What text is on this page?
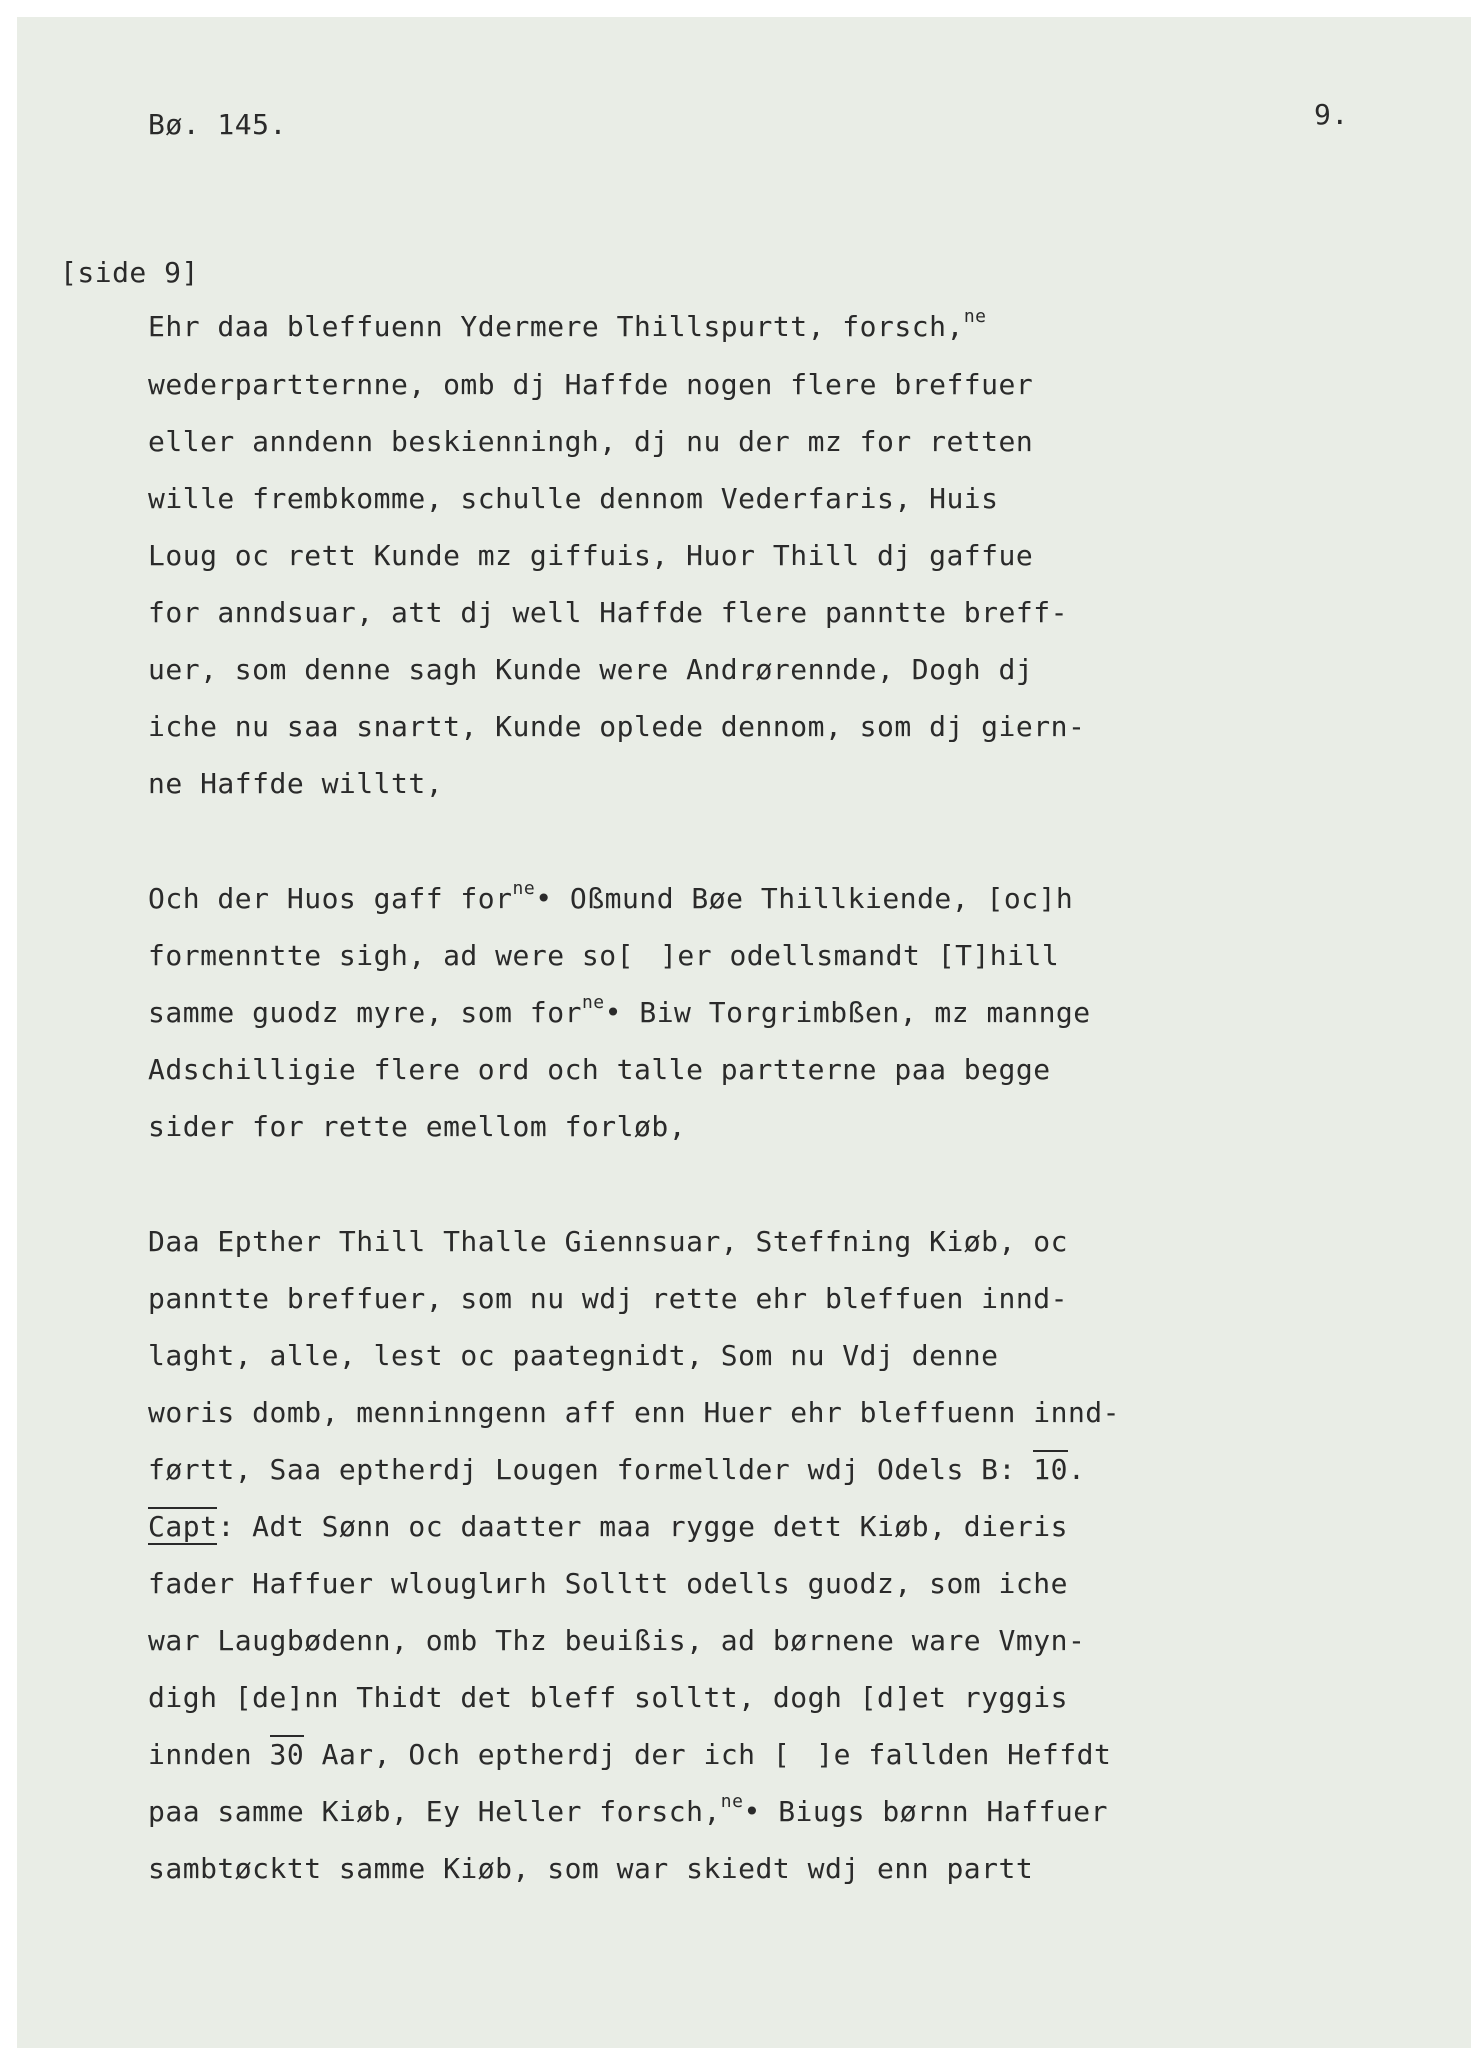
Bø. 145.	9.
[side 9]
Ehr daa bleffuenn Ydermere Thillspurtt, forsch,$^{ne}$
wederpartternne, omb dj Haffde nogen flere breffuer
eller anndenn beskienningh, dj nu der mz for retten
wille frembkomme, schulle dennom Vederfaris, Huis
Loug oc rett Kunde mz giffuis, Huor Thill dj gaffue
for anndsuar, att dj well Haffde flere panntte breff-
uer, som denne sagh Kunde were Andrørennde, Dogh dj
iche nu saa snartt, Kunde oplede dennom, som dj giern-
ne Haffde willtt,
Och der Huos gaff for$^{ne}$• Oßmund Bøe Thillkiende, [oc]h
formenntte sigh, ad were so[ ]er odellsmandt [T]hill
samme guodz myre, som for$^{ne}$• Biw Torgrimbßen, mz mannge
Adschilligie flere ord och talle partterne paa begge
sider for rette emellom forløb,
Daa Epther Thill Thalle Giennsuar, Steffning Kiøb, oc
panntte breffuer, som nu wdj rette ehr bleffuen innd-
laght, alle, lest oc paategnidt, Som nu Vdj denne
woris domb, menninngenn aff enn Huer ehr bleffuenn innd-
førtt, Saa eptherdj Lougen formellder wdj Odels B: 10.
Capt: Adt Sønn oc daatter maa rygge dett Kiøb, dieris
fader Haffuer wlouglигh Solltt odells guodz, som iche
war Laugbødenn, omb Thz beuißis, ad børnene ware Vmyn-
digh [de]nn Thidt det bleff solltt, dogh [d]et ryggis
innden 30 Aar, Och eptherdj der ich [ ]e fallden Heffdt
paa samme Kiøb, Ey Heller forsch,$^{ne}$• Biugs børnn Haffuer
sambtøcktt samme Kiøb, som war skiedt wdj enn partt
